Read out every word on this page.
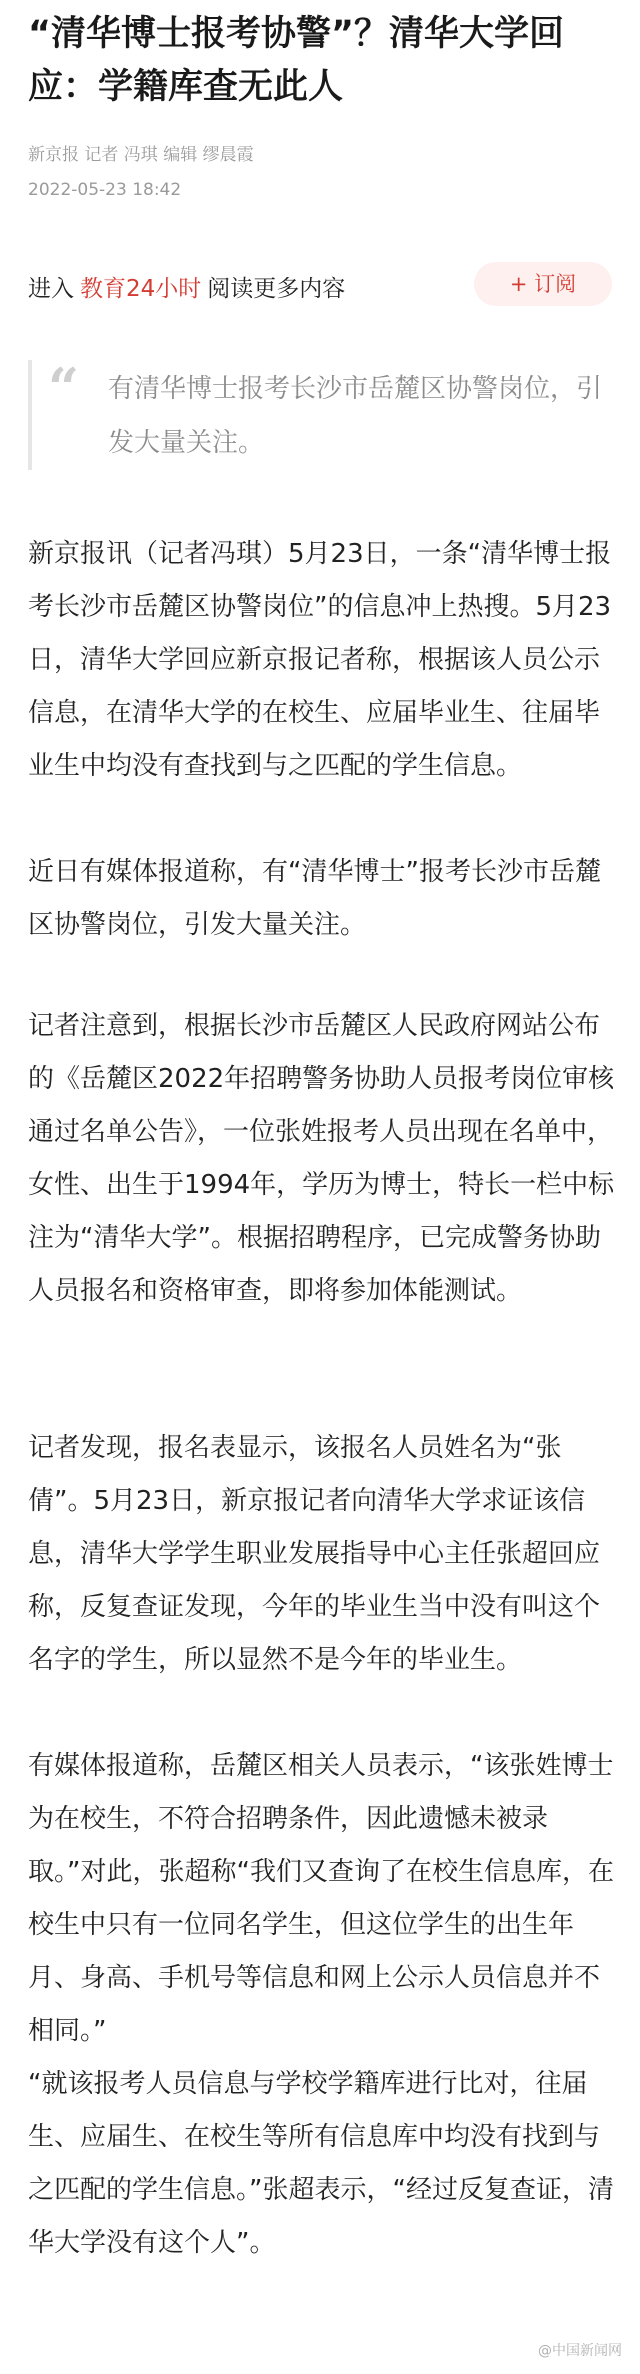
“清华博士报考协警”？清华大学回应：学籍库查无此人
新京报 记者 冯琪 编辑 缪晨霞
2022-05-23 18:42
进入 教育24小时 阅读更多内容	+ 订阅
“ 有清华博士报考长沙市岳麓区协警岗位，引发大量关注。

新京报讯（记者冯琪）5月23日，一条“清华博士报考长沙市岳麓区协警岗位”的信息冲上热搜。5月23日，清华大学回应新京报记者称，根据该人员公示信息，在清华大学的在校生、应届毕业生、往届毕业生中均没有查找到与之匹配的学生信息。

近日有媒体报道称，有“清华博士”报考长沙市岳麓区协警岗位，引发大量关注。

记者注意到，根据长沙市岳麓区人民政府网站公布的《岳麓区2022年招聘警务协助人员报考岗位审核通过名单公告》，一位张姓报考人员出现在名单中，女性、出生于1994年，学历为博士，特长一栏中标注为“清华大学”。根据招聘程序，已完成警务协助人员报名和资格审查，即将参加体能测试。

记者发现，报名表显示，该报名人员姓名为“张倩”。5月23日，新京报记者向清华大学求证该信息，清华大学学生职业发展指导中心主任张超回应称，反复查证发现，今年的毕业生当中没有叫这个名字的学生，所以显然不是今年的毕业生。

有媒体报道称，岳麓区相关人员表示，“该张姓博士为在校生，不符合招聘条件，因此遗憾未被录取。”对此，张超称“我们又查询了在校生信息库，在校生中只有一位同名学生，但这位学生的出生年月、身高、手机号等信息和网上公示人员信息并不相同。”

“就该报考人员信息与学校学籍库进行比对，往届生、应届生、在校生等所有信息库中均没有找到与之匹配的学生信息。”张超表示，“经过反复查证，清华大学没有这个人”。

@中国新闻网
